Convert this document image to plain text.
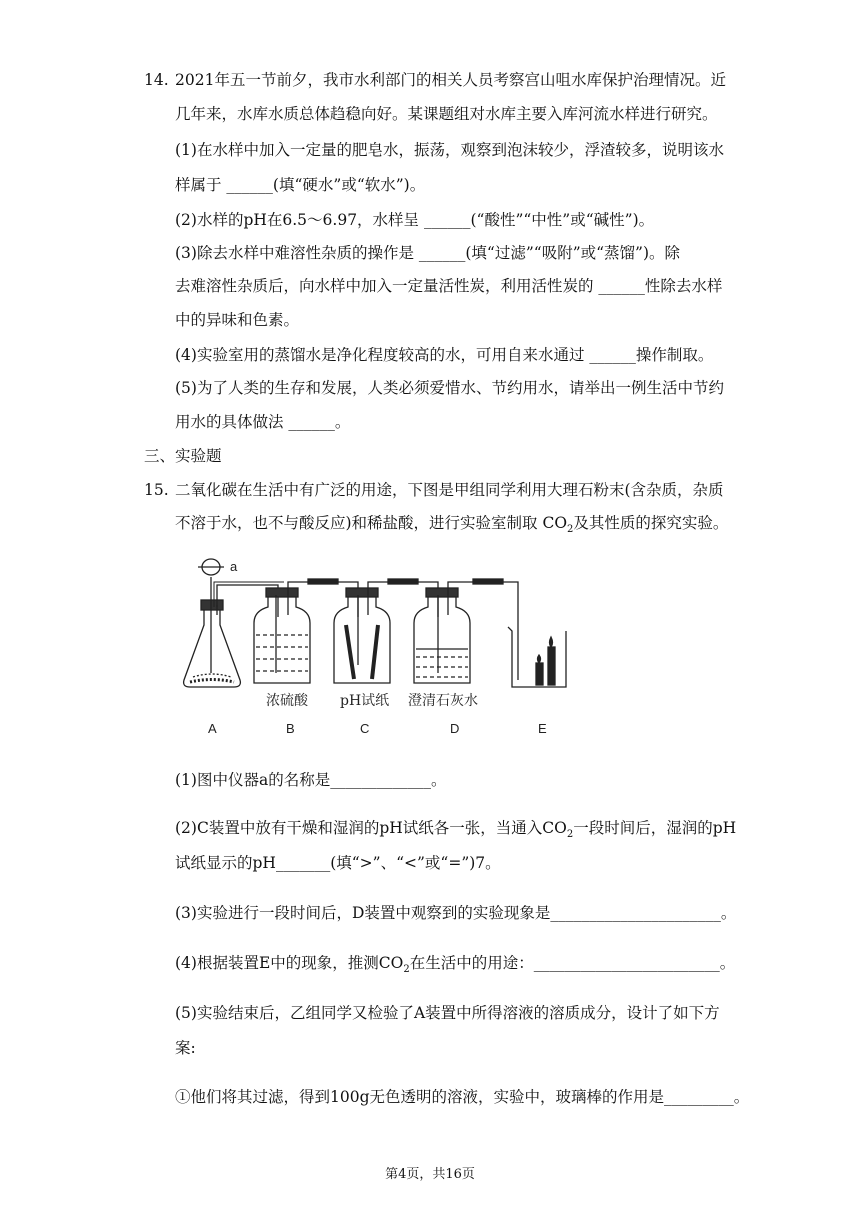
14. 2021年五一节前夕，我市水利部门的相关人员考察宫山咀水库保护治理情况。近
几年来，水库水质总体趋稳向好。某课题组对水库主要入库河流水样进行研究。
(1)在水样中加入一定量的肥皂水，振荡，观察到泡沫较少，浮渣较多，说明该水
样属于 ______(填“硬水”或“软水”)。
(2)水样的pH在6.5～6.97，水样呈 ______(“酸性”“中性”或“碱性”)。
(3)除去水样中难溶性杂质的操作是 ______(填“过滤”“吸附”或“蒸馏”)。除
去难溶性杂质后，向水样中加入一定量活性炭，利用活性炭的 ______性除去水样
中的异味和色素。
(4)实验室用的蒸馏水是净化程度较高的水，可用自来水通过 ______操作制取。
(5)为了人类的生存和发展，人类必须爱惜水、节约用水，请举出一例生活中节约
用水的具体做法 ______。
三、实验题
15. 二氧化碳在生活中有广泛的用途，下图是甲组同学利用大理石粉末(含杂质，杂质
不溶于水，也不与酸反应)和稀盐酸，进行实验室制取 $CO_2$及其性质的探究实验。
a
浓硫酸 pH试纸 澄清石灰水
A	B	C	D	E
(1)图中仪器a的名称是_____________。
(2)C装置中放有干燥和湿润的pH试纸各一张，当通入$CO_2$一段时间后，湿润的pH
试纸显示的pH_______(填“>”、“<”或“=”)7。
(3)实验进行一段时间后，D装置中观察到的实验现象是______________________。
(4)根据装置E中的现象，推测$CO_2$在生活中的用途：________________________。
(5)实验结束后，乙组同学又检验了A装置中所得溶液的溶质成分，设计了如下方
案:
①他们将其过滤，得到100g无色透明的溶液，实验中，玻璃棒的作用是_________。
第4页，共16页
